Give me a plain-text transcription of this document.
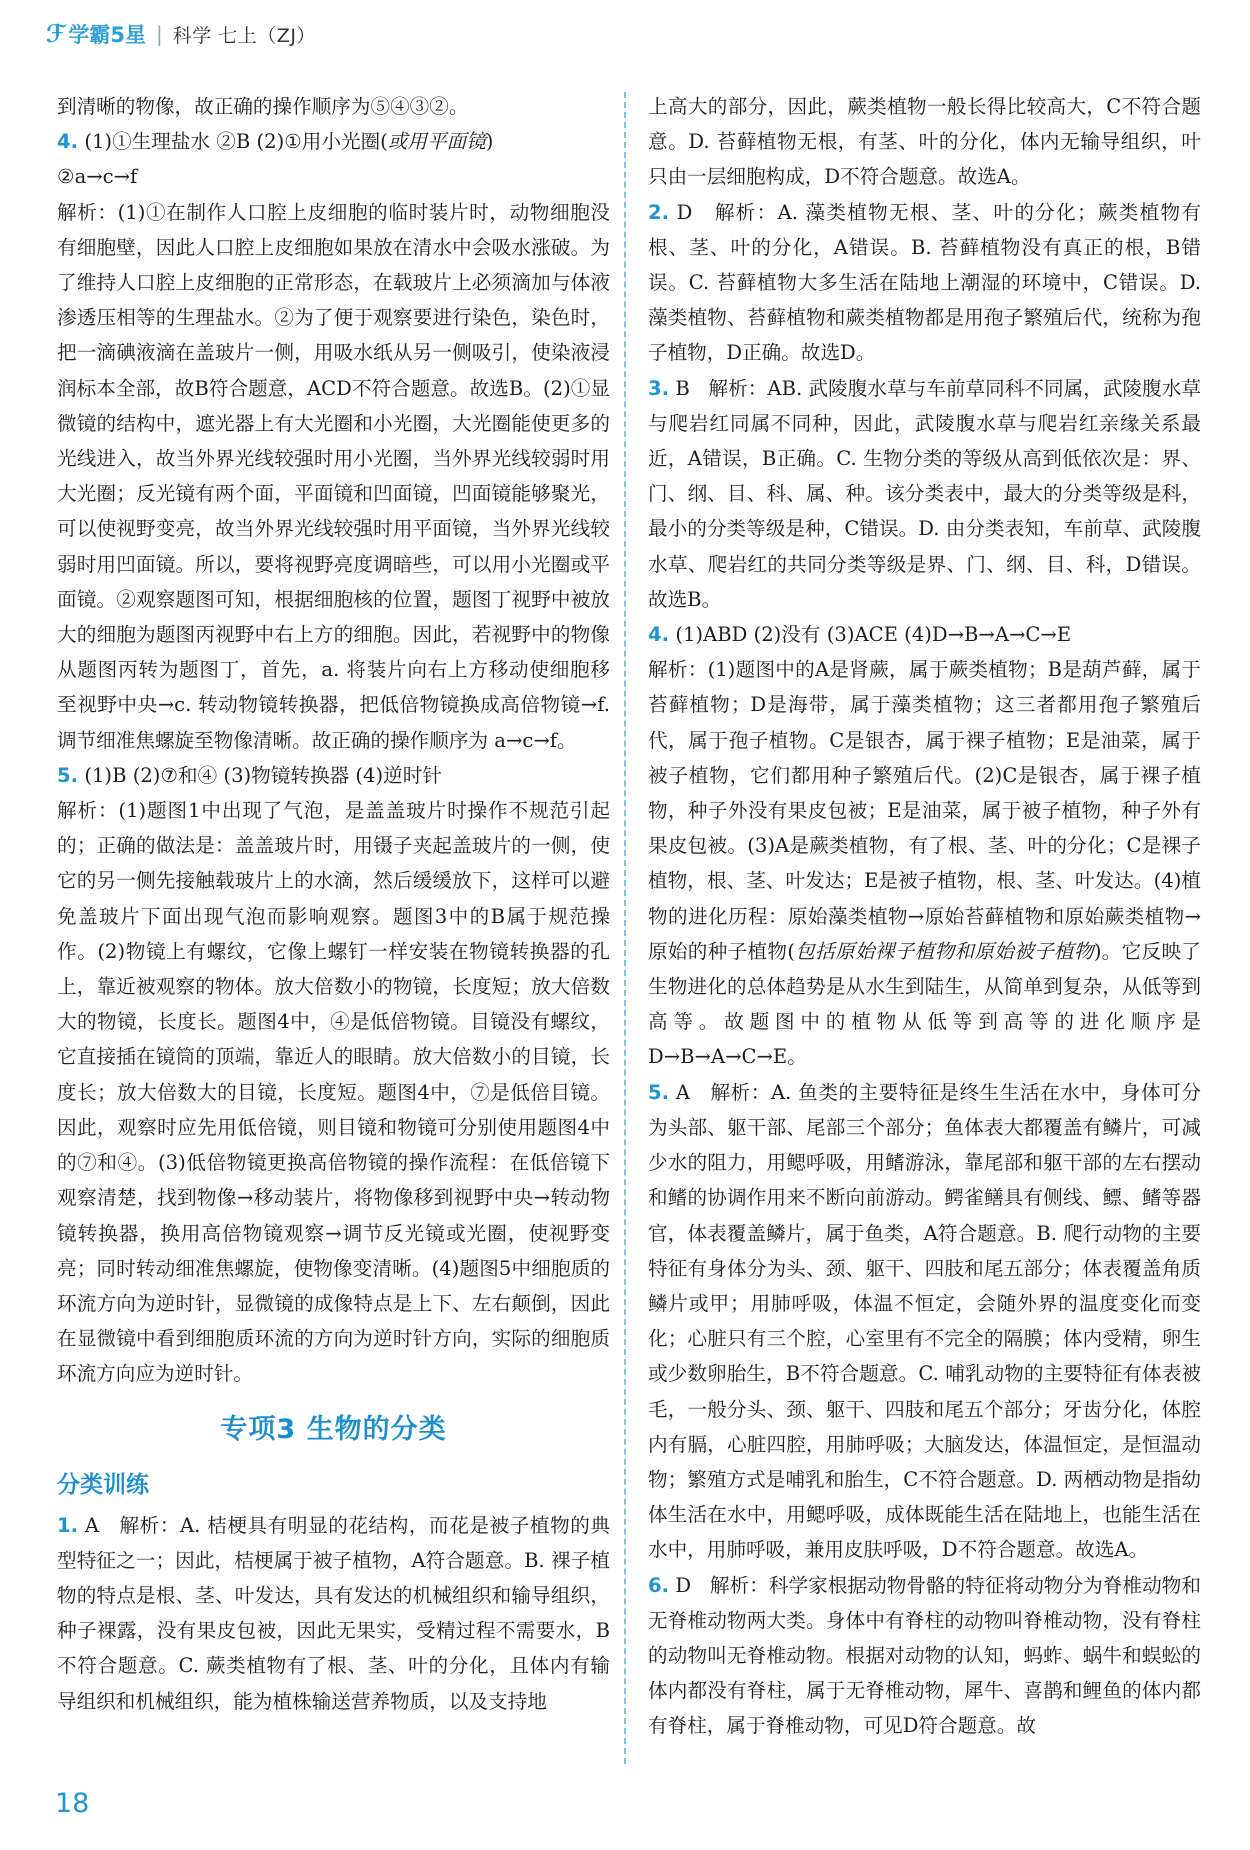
ℱ 学霸5星 | 科学 七上（ZJ）

到清晰的物像，故正确的操作顺序为⑤④③②。

4. (1)①生理盐水 ②B (2)①用小光圈(或用平面镜)

②a→c→f

解析：(1)①在制作人口腔上皮细胞的临时装片时，动物细胞没有细胞壁，因此人口腔上皮细胞如果放在清水中会吸水涨破。为了维持人口腔上皮细胞的正常形态，在载玻片上必须滴加与体液渗透压相等的生理盐水。②为了便于观察要进行染色，染色时，把一滴碘液滴在盖玻片一侧，用吸水纸从另一侧吸引，使染液浸润标本全部，故B符合题意，ACD不符合题意。故选B。(2)①显微镜的结构中，遮光器上有大光圈和小光圈，大光圈能使更多的光线进入，故当外界光线较强时用小光圈，当外界光线较弱时用大光圈；反光镜有两个面，平面镜和凹面镜，凹面镜能够聚光，可以使视野变亮，故当外界光线较强时用平面镜，当外界光线较弱时用凹面镜。所以，要将视野亮度调暗些，可以用小光圈或平面镜。②观察题图可知，根据细胞核的位置，题图丁视野中被放大的细胞为题图丙视野中右上方的细胞。因此，若视野中的物像从题图丙转为题图丁，首先，a. 将装片向右上方移动使细胞移至视野中央→c. 转动物镜转换器，把低倍物镜换成高倍物镜→f. 调节细准焦螺旋至物像清晰。故正确的操作顺序为 a→c→f。

5. (1)B (2)⑦和④ (3)物镜转换器 (4)逆时针

解析：(1)题图1中出现了气泡，是盖盖玻片时操作不规范引起的；正确的做法是：盖盖玻片时，用镊子夹起盖玻片的一侧，使它的另一侧先接触载玻片上的水滴，然后缓缓放下，这样可以避免盖玻片下面出现气泡而影响观察。题图3中的B属于规范操作。(2)物镜上有螺纹，它像上螺钉一样安装在物镜转换器的孔上，靠近被观察的物体。放大倍数小的物镜，长度短；放大倍数大的物镜，长度长。题图4中，④是低倍物镜。目镜没有螺纹，它直接插在镜筒的顶端，靠近人的眼睛。放大倍数小的目镜，长度长；放大倍数大的目镜，长度短。题图4中，⑦是低倍目镜。因此，观察时应先用低倍镜，则目镜和物镜可分别使用题图4中的⑦和④。(3)低倍物镜更换高倍物镜的操作流程：在低倍镜下观察清楚，找到物像→移动装片，将物像移到视野中央→转动物镜转换器，换用高倍物镜观察→调节反光镜或光圈，使视野变亮；同时转动细准焦螺旋，使物像变清晰。(4)题图5中细胞质的环流方向为逆时针，显微镜的成像特点是上下、左右颠倒，因此在显微镜中看到细胞质环流的方向为逆时针方向，实际的细胞质环流方向应为逆时针。

专项3 生物的分类
分类训练

1. A 解析：A. 桔梗具有明显的花结构，而花是被子植物的典型特征之一；因此，桔梗属于被子植物，A符合题意。B. 裸子植物的特点是根、茎、叶发达，具有发达的机械组织和输导组织，种子裸露，没有果皮包被，因此无果实，受精过程不需要水，B不符合题意。C. 蕨类植物有了根、茎、叶的分化，且体内有输导组织和机械组织，能为植株输送营养物质，以及支持地

上高大的部分，因此，蕨类植物一般长得比较高大，C不符合题意。D. 苔藓植物无根，有茎、叶的分化，体内无输导组织，叶只由一层细胞构成，D不符合题意。故选A。

2. D 解析：A. 藻类植物无根、茎、叶的分化；蕨类植物有根、茎、叶的分化，A错误。B. 苔藓植物没有真正的根，B错误。C. 苔藓植物大多生活在陆地上潮湿的环境中，C错误。D. 藻类植物、苔藓植物和蕨类植物都是用孢子繁殖后代，统称为孢子植物，D正确。故选D。

3. B 解析：AB. 武陵腹水草与车前草同科不同属，武陵腹水草与爬岩红同属不同种，因此，武陵腹水草与爬岩红亲缘关系最近，A错误，B正确。C. 生物分类的等级从高到低依次是：界、门、纲、目、科、属、种。该分类表中，最大的分类等级是科，最小的分类等级是种，C错误。D. 由分类表知，车前草、武陵腹水草、爬岩红的共同分类等级是界、门、纲、目、科，D错误。故选B。

4. (1)ABD (2)没有 (3)ACE (4)D→B→A→C→E

解析：(1)题图中的A是肾蕨，属于蕨类植物；B是葫芦藓，属于苔藓植物；D是海带，属于藻类植物；这三者都用孢子繁殖后代，属于孢子植物。C是银杏，属于裸子植物；E是油菜，属于被子植物，它们都用种子繁殖后代。(2)C是银杏，属于裸子植物，种子外没有果皮包被；E是油菜，属于被子植物，种子外有果皮包被。(3)A是蕨类植物，有了根、茎、叶的分化；C是裸子植物，根、茎、叶发达；E是被子植物，根、茎、叶发达。(4)植物的进化历程：原始藻类植物→原始苔藓植物和原始蕨类植物→原始的种子植物(包括原始裸子植物和原始被子植物)。它反映了生物进化的总体趋势是从水生到陆生，从简单到复杂，从低等到高等。故题图中的植物从低等到高等的进化顺序是 D→B→A→C→E。

5. A 解析：A. 鱼类的主要特征是终生生活在水中，身体可分为头部、躯干部、尾部三个部分；鱼体表大都覆盖有鳞片，可减少水的阻力，用鳃呼吸，用鳍游泳，靠尾部和躯干部的左右摆动和鳍的协调作用来不断向前游动。鳄雀鳝具有侧线、鳔、鳍等器官，体表覆盖鳞片，属于鱼类，A符合题意。B. 爬行动物的主要特征有身体分为头、颈、躯干、四肢和尾五部分；体表覆盖角质鳞片或甲；用肺呼吸，体温不恒定，会随外界的温度变化而变化；心脏只有三个腔，心室里有不完全的隔膜；体内受精，卵生或少数卵胎生，B不符合题意。C. 哺乳动物的主要特征有体表被毛，一般分头、颈、躯干、四肢和尾五个部分；牙齿分化，体腔内有膈，心脏四腔，用肺呼吸；大脑发达，体温恒定，是恒温动物；繁殖方式是哺乳和胎生，C不符合题意。D. 两栖动物是指幼体生活在水中，用鳃呼吸，成体既能生活在陆地上，也能生活在水中，用肺呼吸，兼用皮肤呼吸，D不符合题意。故选A。

6. D 解析：科学家根据动物骨骼的特征将动物分为脊椎动物和无脊椎动物两大类。身体中有脊柱的动物叫脊椎动物，没有脊柱的动物叫无脊椎动物。根据对动物的认知，蚂蚱、蜗牛和蜈蚣的体内都没有脊柱，属于无脊椎动物，犀牛、喜鹊和鲤鱼的体内都有脊柱，属于脊椎动物，可见D符合题意。故

18
